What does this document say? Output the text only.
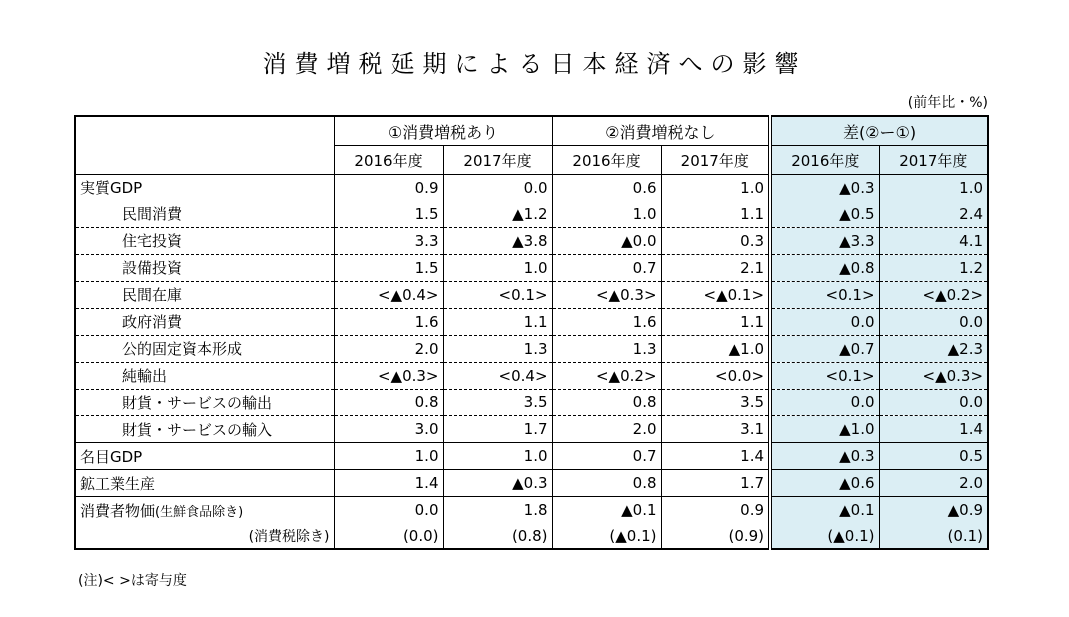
消費増税延期による日本経済への影響
(前年比・%)
	①消費増税あり		②消費増税なし		差(②ー①)	
	2016年度	2017年度	2016年度	2017年度	2016年度	2017年度
実質GDP	0.9	0.0	0.6	1.0	▲0.3	1.0
民間消費	1.5	▲1.2	1.0	1.1	▲0.5	2.4
住宅投資	3.3	▲3.8	▲0.0	0.3	▲3.3	4.1
設備投資	1.5	1.0	0.7	2.1	▲0.8	1.2
民間在庫	<▲0.4>	<0.1>	<▲0.3>	<▲0.1>	<0.1>	<▲0.2>
政府消費	1.6	1.1	1.6	1.1	0.0	0.0
公的固定資本形成	2.0	1.3	1.3	▲1.0	▲0.7	▲2.3
純輸出	<▲0.3>	<0.4>	<▲0.2>	<0.0>	<0.1>	<▲0.3>
財貨・サービスの輸出	0.8	3.5	0.8	3.5	0.0	0.0
財貨・サービスの輸入	3.0	1.7	2.0	3.1	▲1.0	1.4
名目GDP	1.0	1.0	0.7	1.4	▲0.3	0.5
鉱工業生産	1.4	▲0.3	0.8	1.7	▲0.6	2.0
消費者物価(生鮮食品除き)	0.0	1.8	▲0.1	0.9	▲0.1	▲0.9
(消費税除き)	(0.0)	(0.8)	(▲0.1)	(0.9)	(▲0.1)	(0.1)
(注)< >は寄与度
